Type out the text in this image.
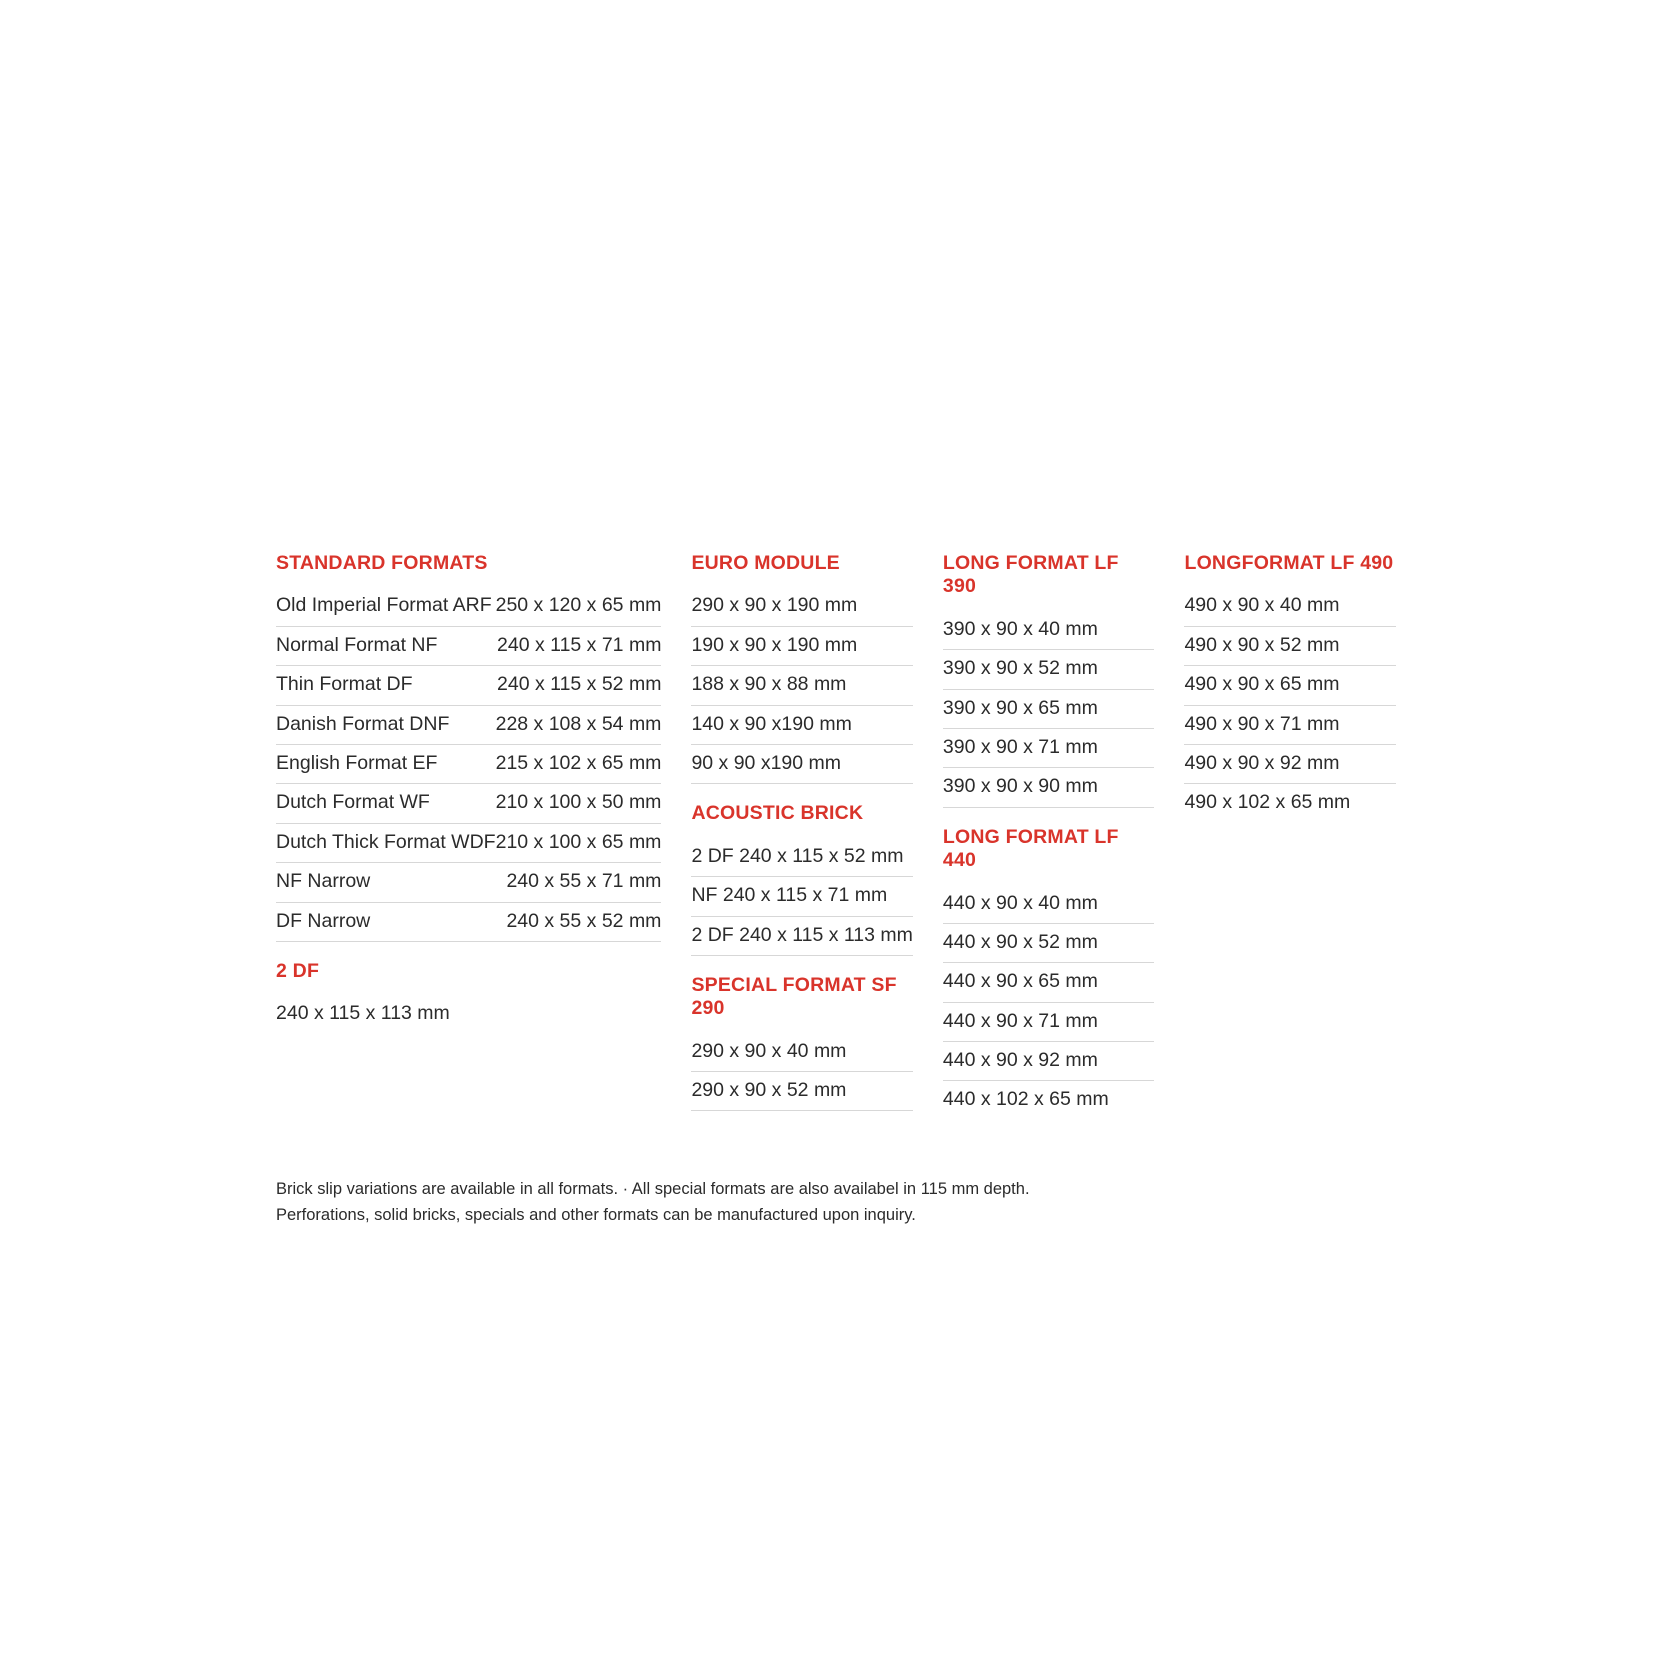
STANDARD FORMATS
Old Imperial Format ARF 250 x 120 x 65 mm
Normal Format NF	240 x 115 x 71 mm
Thin Format DF	240 x 115 x 52 mm
Danish Format DNF 228 x 108 x 54 mm
English Format EF	215 x 102 x 65 mm
Dutch Format WF	210 x 100 x 50 mm
Dutch Thick Format WDF 210 x 100 x 65 mm
NF Narrow	240 x 55 x 71 mm
DF Narrow	240 x 55 x 52 mm
2 DF
240 x 115 x 113 mm
EURO MODULE
290 x 90 x 190 mm
190 x 90 x 190 mm
188 x 90 x 88 mm
140 x 90 x190 mm
90 x 90 x190 mm
ACOUSTIC BRICK
2 DF 240 x 115 x 52 mm
NF 240 x 115 x 71 mm
2 DF 240 x 115 x 113 mm
SPECIAL FORMAT SF 290
290 x 90 x 40 mm
290 x 90 x 52 mm
LONG FORMAT LF 390
390 x 90 x 40 mm
390 x 90 x 52 mm
390 x 90 x 65 mm
390 x 90 x 71 mm
390 x 90 x 90 mm
LONG FORMAT LF 440
440 x 90 x 40 mm
440 x 90 x 52 mm
440 x 90 x 65 mm
440 x 90 x 71 mm
440 x 90 x 92 mm
440 x 102 x 65 mm
LONGFORMAT LF 490
490 x 90 x 40 mm
490 x 90 x 52 mm
490 x 90 x 65 mm
490 x 90 x 71 mm
490 x 90 x 92 mm
490 x 102 x 65 mm
Brick slip variations are available in all formats. · All special formats are also availabel in 115 mm depth.
Perforations, solid bricks, specials and other formats can be manufactured upon inquiry.
